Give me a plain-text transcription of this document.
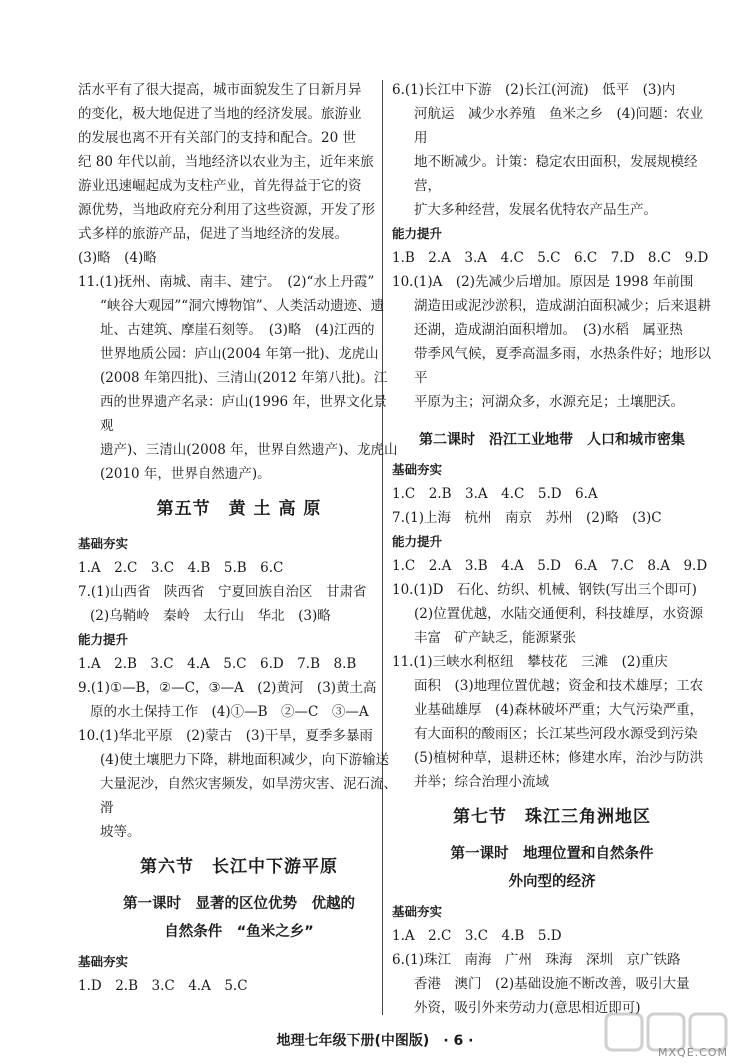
活水平有了很大提高，城市面貌发生了日新月异

的变化，极大地促进了当地的经济发展。旅游业

的发展也离不开有关部门的支持和配合。20 世

纪 80 年代以前，当地经济以农业为主，近年来旅

游业迅速崛起成为支柱产业，首先得益于它的资

源优势，当地政府充分利用了这些资源，开发了形

式多样的旅游产品，促进了当地经济的发展。

(3)略　(4)略

11.(1)抚州、南城、南丰、建宁。　(2)“水上丹霞”

“峡谷大观园”“洞穴博物馆”、人类活动遗迹、遗

址、古建筑、摩崖石刻等。　(3)略　(4)江西的

世界地质公园：庐山(2004 年第一批)、龙虎山

(2008 年第四批)、三清山(2012 年第八批)。江

西的世界遗产名录：庐山(1996 年，世界文化景观

遗产)、三清山(2008 年，世界自然遗产)、龙虎山

(2010 年，世界自然遗产)。

第五节　黄 土 高 原

基础夯实

1.A　2.C　3.C　4.B　5.B　6.C

7.(1)山西省　陕西省　宁夏回族自治区　甘肃省

(2)乌鞘岭　秦岭　太行山　华北　(3)略

能力提升

1.A　2.B　3.C　4.A　5.C　6.D　7.B　8.B

9.(1)①—B，②—C，③—A　(2)黄河　(3)黄土高

原的水土保持工作　(4)①—B　②—C　③—A

10.(1)华北平原　(2)蒙古　(3)干旱，夏季多暴雨

(4)使土壤肥力下降，耕地面积减少，向下游输送

大量泥沙，自然灾害频发，如旱涝灾害、泥石流、滑

坡等。

第六节　长江中下游平原

第一课时　显著的区位优势　优越的

自然条件　“鱼米之乡”

基础夯实

1.D　2.B　3.C　4.A　5.C

6.(1)长江中下游　(2)长江(河流)　低平　(3)内

河航运　减少水养殖　鱼米之乡　(4)问题：农业用

地不断减少。计策：稳定农田面积，发展规模经营，

扩大多种经营，发展名优特农产品生产。

能力提升

1.B　2.A　3.A　4.C　5.C　6.C　7.D　8.C　9.D

10.(1)A　(2)先减少后增加。原因是 1998 年前围

湖造田或泥沙淤积，造成湖泊面积减少；后来退耕

还湖，造成湖泊面积增加。　(3)水稻　属亚热

带季风气候，夏季高温多雨，水热条件好；地形以平

平原为主；河湖众多，水源充足；土壤肥沃。

第二课时　沿江工业地带　人口和城市密集

基础夯实

1.C　2.B　3.A　4.C　5.D　6.A

7.(1)上海　杭州　南京　苏州　(2)略　(3)C

能力提升

1.C　2.A　3.B　4.A　5.D　6.A　7.C　8.A　9.D

10.(1)D　石化、纺织、机械、钢铁(写出三个即可)

(2)位置优越，水陆交通便利，科技雄厚，水资源

丰富　矿产缺乏，能源紧张

11.(1)三峡水利枢纽　攀枝花　三滩　(2)重庆

面积　(3)地理位置优越；资金和技术雄厚；工农

业基础雄厚　(4)森林破坏严重；大气污染严重，

有大面积的酸雨区；长江某些河段水源受到污染

(5)植树种草，退耕还林；修建水库，治沙与防洪

并举；综合治理小流域

第七节　珠江三角洲地区

第一课时　地理位置和自然条件

外向型的经济

基础夯实

1.A　2.C　3.C　4.B　5.D

6.(1)珠江　南海　广州　珠海　深圳　京广铁路

香港　澳门　(2)基础设施不断改善，吸引大量

外资，吸引外来劳动力(意思相近即可)

地理七年级下册(中图版)　· 6 ·
MXQE.COM
